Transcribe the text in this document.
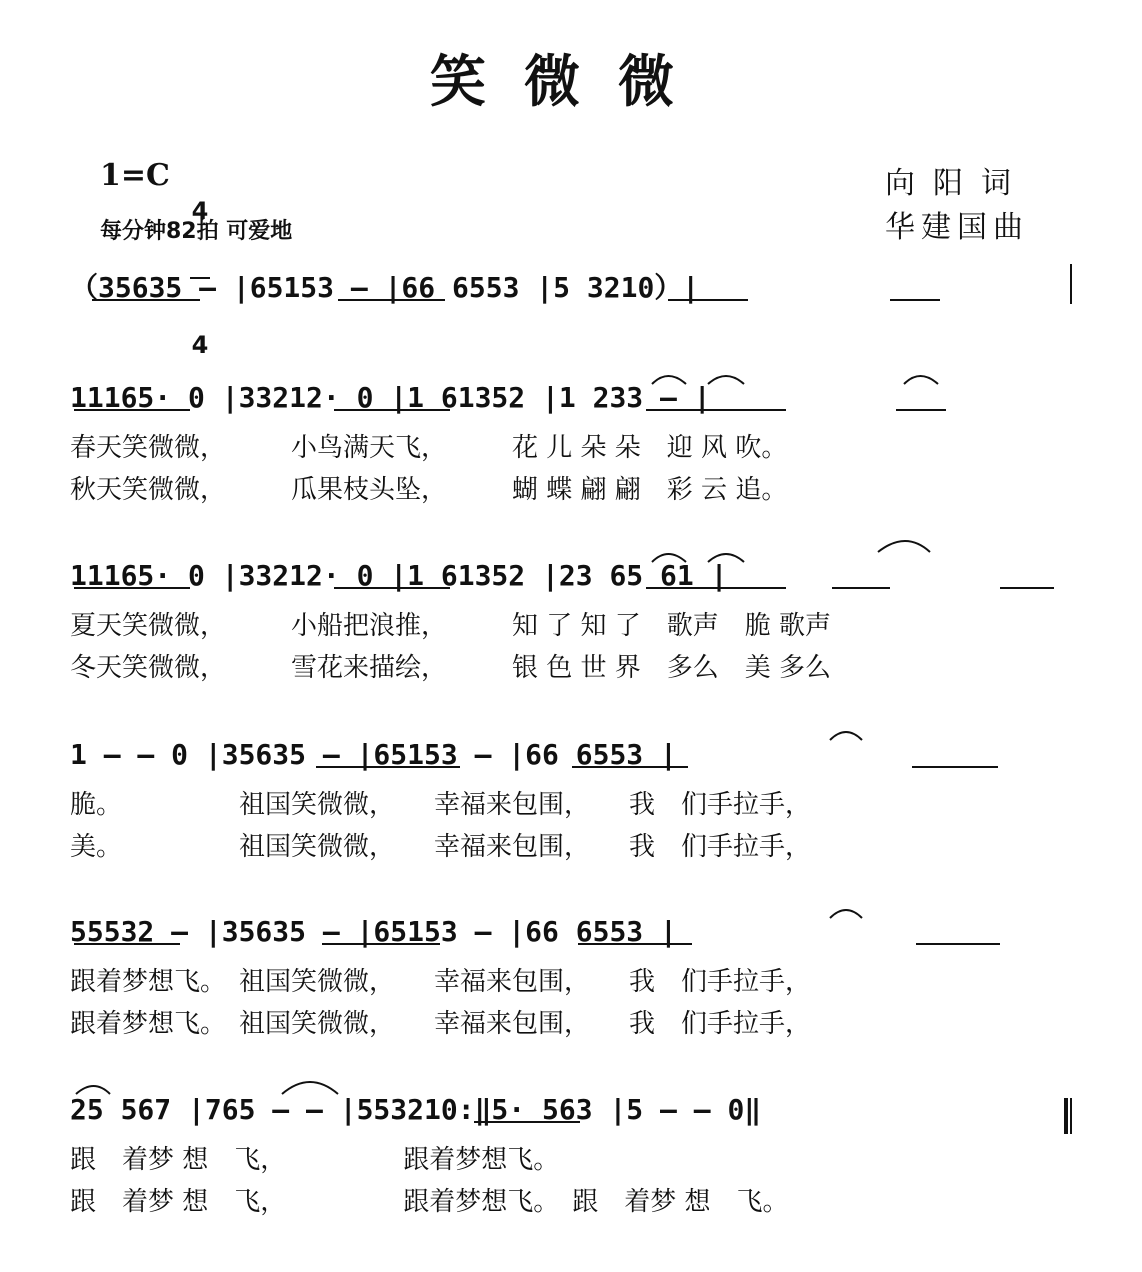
笑微微
1=C

4

4

每分钟82拍 可爱地
向阳词
华建国曲
（35635 – |65153 – |66 6553 |5 3210）|
11165· 0 |33212· 0 |1 61352 |1 233 – |
春天笑微微，　　　小鸟满天飞，　　　花 儿 朵 朵　迎 风 吹。
秋天笑微微，　　　瓜果枝头坠，　　　蝴 蝶 翩 翩　彩 云 追。
11165· 0 |33212· 0 |1 61352 |23 65 61 |
夏天笑微微，　　　小船把浪推，　　　知 了 知 了　歌声　脆 歌声
冬天笑微微，　　　雪花来描绘，　　　银 色 世 界　多么　美 多么
1 – – 0 |35635 – |65153 – |66 6553 |
脆。　　　　　祖国笑微微，　　幸福来包围，　　我　们手拉手，
美。　　　　　祖国笑微微，　　幸福来包围，　　我　们手拉手，
55532 – |35635 – |65153 – |66 6553 |
跟着梦想飞。　祖国笑微微，　　幸福来包围，　　我　们手拉手，
跟着梦想飞。　祖国笑微微，　　幸福来包围，　　我　们手拉手，
25 567 |765 – – |553210:‖5· 563 |5 – – 0‖
跟　着梦 想　飞，　　　　　跟着梦想飞。
跟　着梦 想　飞，　　　　　跟着梦想飞。　跟　着梦 想　飞。
